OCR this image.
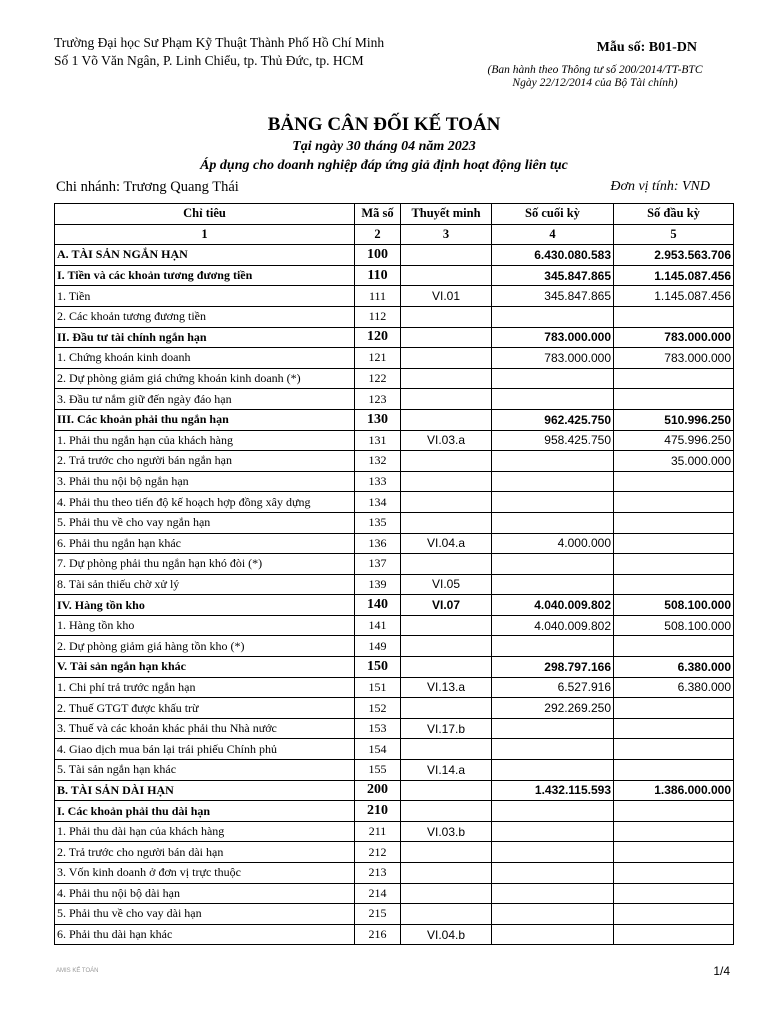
Trường Đại học Sư Phạm Kỹ Thuật Thành Phố Hồ Chí Minh
Số 1 Võ Văn Ngân, P. Linh Chiểu, tp. Thủ Đức, tp. HCM
Mẫu số: B01-DN
(Ban hành theo Thông tư số 200/2014/TT-BTC
Ngày 22/12/2014 của Bộ Tài chính)
BẢNG CÂN ĐỐI KẾ TOÁN
Tại ngày 30 tháng 04 năm 2023
Áp dụng cho doanh nghiệp đáp ứng giả định hoạt động liên tục
Chi nhánh: Trương Quang Thái	Đơn vị tính: VND
Chỉ tiêu	Mã số	Thuyết minh	Số cuối kỳ	Số đầu kỳ
1	2	3	4	5
A. TÀI SẢN NGẮN HẠN	100		6.430.080.583	2.953.563.706
I. Tiền và các khoản tương đương tiền	110		345.847.865	1.145.087.456
1. Tiền	111	VI.01	345.847.865	1.145.087.456
2. Các khoản tương đương tiền	112			
II. Đầu tư tài chính ngắn hạn	120		783.000.000	783.000.000
1. Chứng khoán kinh doanh	121		783.000.000	783.000.000
2. Dự phòng giảm giá chứng khoán kinh doanh (*)	122			
3. Đầu tư nắm giữ đến ngày đáo hạn	123			
III. Các khoản phải thu ngắn hạn	130		962.425.750	510.996.250
1. Phải thu ngắn hạn của khách hàng	131	VI.03.a	958.425.750	475.996.250
2. Trả trước cho người bán ngắn hạn	132			35.000.000
3. Phải thu nội bộ ngắn hạn	133			
4. Phải thu theo tiến độ kế hoạch hợp đồng xây dựng	134			
5. Phải thu về cho vay ngắn hạn	135			
6. Phải thu ngắn hạn khác	136	VI.04.a	4.000.000	
7. Dự phòng phải thu ngắn hạn khó đòi (*)	137			
8. Tài sản thiếu chờ xử lý	139	VI.05		
IV. Hàng tồn kho	140	VI.07	4.040.009.802	508.100.000
1. Hàng tồn kho	141		4.040.009.802	508.100.000
2. Dự phòng giảm giá hàng tồn kho (*)	149			
V. Tài sản ngắn hạn khác	150		298.797.166	6.380.000
1. Chi phí trả trước ngắn hạn	151	VI.13.a	6.527.916	6.380.000
2. Thuế GTGT được khấu trừ	152		292.269.250	
3. Thuế và các khoản khác phải thu Nhà nước	153	VI.17.b		
4. Giao dịch mua bán lại trái phiếu Chính phủ	154			
5. Tài sản ngắn hạn khác	155	VI.14.a		
B. TÀI SẢN DÀI HẠN	200		1.432.115.593	1.386.000.000
I. Các khoản phải thu dài hạn	210			
1. Phải thu dài hạn của khách hàng	211	VI.03.b		
2. Trả trước cho người bán dài hạn	212			
3. Vốn kinh doanh ở đơn vị trực thuộc	213			
4. Phải thu nội bộ dài hạn	214			
5. Phải thu về cho vay dài hạn	215			
6. Phải thu dài hạn khác	216	VI.04.b		
AMIS KẾ TOÁN	1/4
